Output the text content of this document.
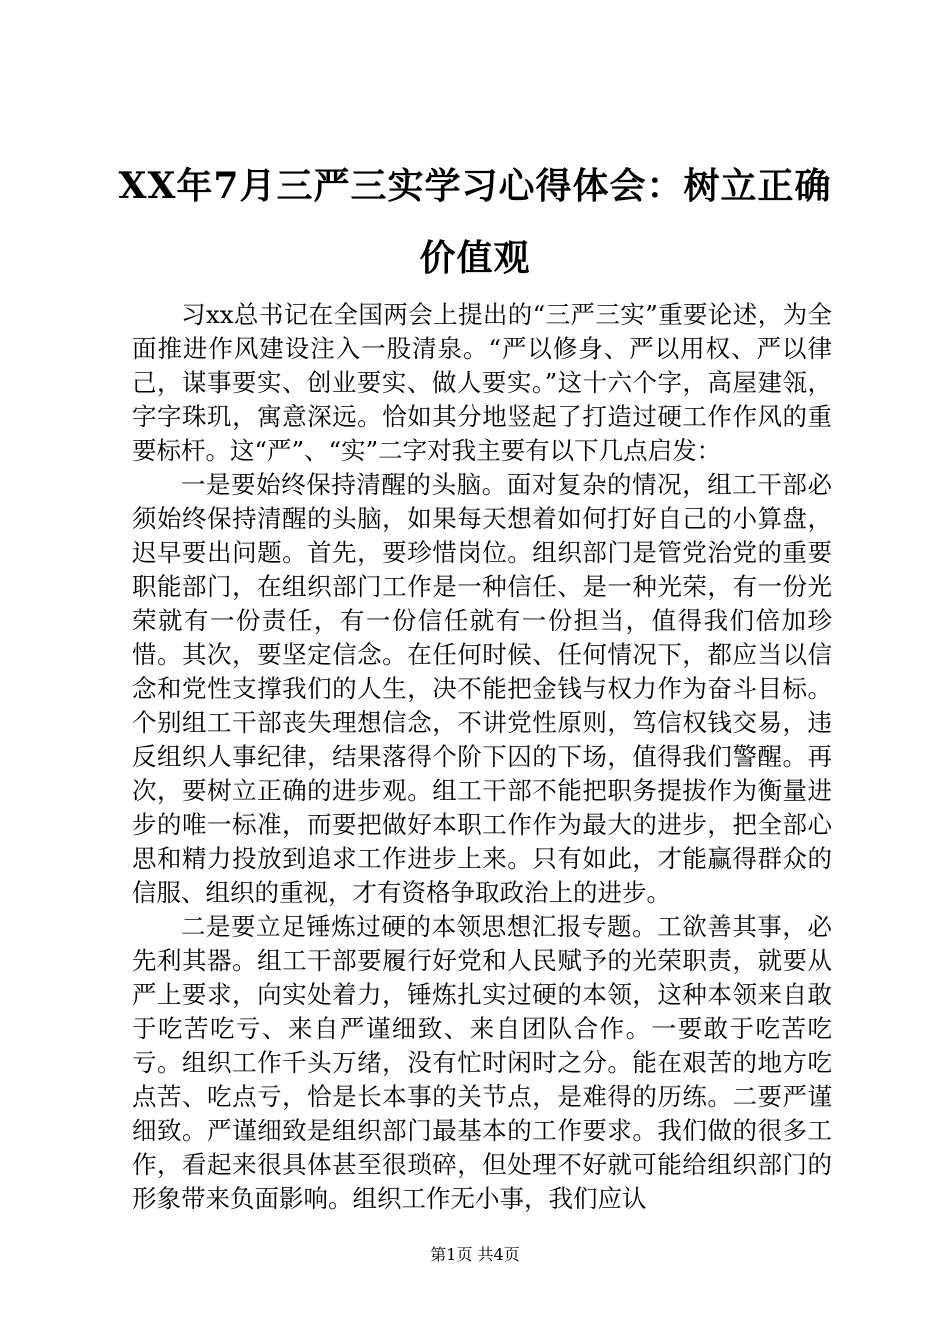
XX年7月三严三实学习心得体会：树立正确价值观

习xx总书记在全国两会上提出的“三严三实”重要论述，为全面推进作风建设注入一股清泉。“严以修身、严以用权、严以律己，谋事要实、创业要实、做人要实。”这十六个字，高屋建瓴，字字珠玑，寓意深远。恰如其分地竖起了打造过硬工作作风的重要标杆。这“严”、“实”二字对我主要有以下几点启发：

一是要始终保持清醒的头脑。面对复杂的情况，组工干部必须始终保持清醒的头脑，如果每天想着如何打好自己的小算盘，迟早要出问题。首先，要珍惜岗位。组织部门是管党治党的重要职能部门，在组织部门工作是一种信任、是一种光荣，有一份光荣就有一份责任，有一份信任就有一份担当，值得我们倍加珍惜。其次，要坚定信念。在任何时候、任何情况下，都应当以信念和党性支撑我们的人生，决不能把金钱与权力作为奋斗目标。个别组工干部丧失理想信念，不讲党性原则，笃信权钱交易，违反组织人事纪律，结果落得个阶下囚的下场，值得我们警醒。再次，要树立正确的进步观。组工干部不能把职务提拔作为衡量进步的唯一标准，而要把做好本职工作作为最大的进步，把全部心思和精力投放到追求工作进步上来。只有如此，才能赢得群众的信服、组织的重视，才有资格争取政治上的进步。

二是要立足锤炼过硬的本领思想汇报专题。工欲善其事，必先利其器。组工干部要履行好党和人民赋予的光荣职责，就要从严上要求，向实处着力，锤炼扎实过硬的本领，这种本领来自敢于吃苦吃亏、来自严谨细致、来自团队合作。一要敢于吃苦吃亏。组织工作千头万绪，没有忙时闲时之分。能在艰苦的地方吃点苦、吃点亏，恰是长本事的关节点，是难得的历练。二要严谨细致。严谨细致是组织部门最基本的工作要求。我们做的很多工作，看起来很具体甚至很琐碎，但处理不好就可能给组织部门的形象带来负面影响。组织工作无小事，我们应认

第1页 共4页
